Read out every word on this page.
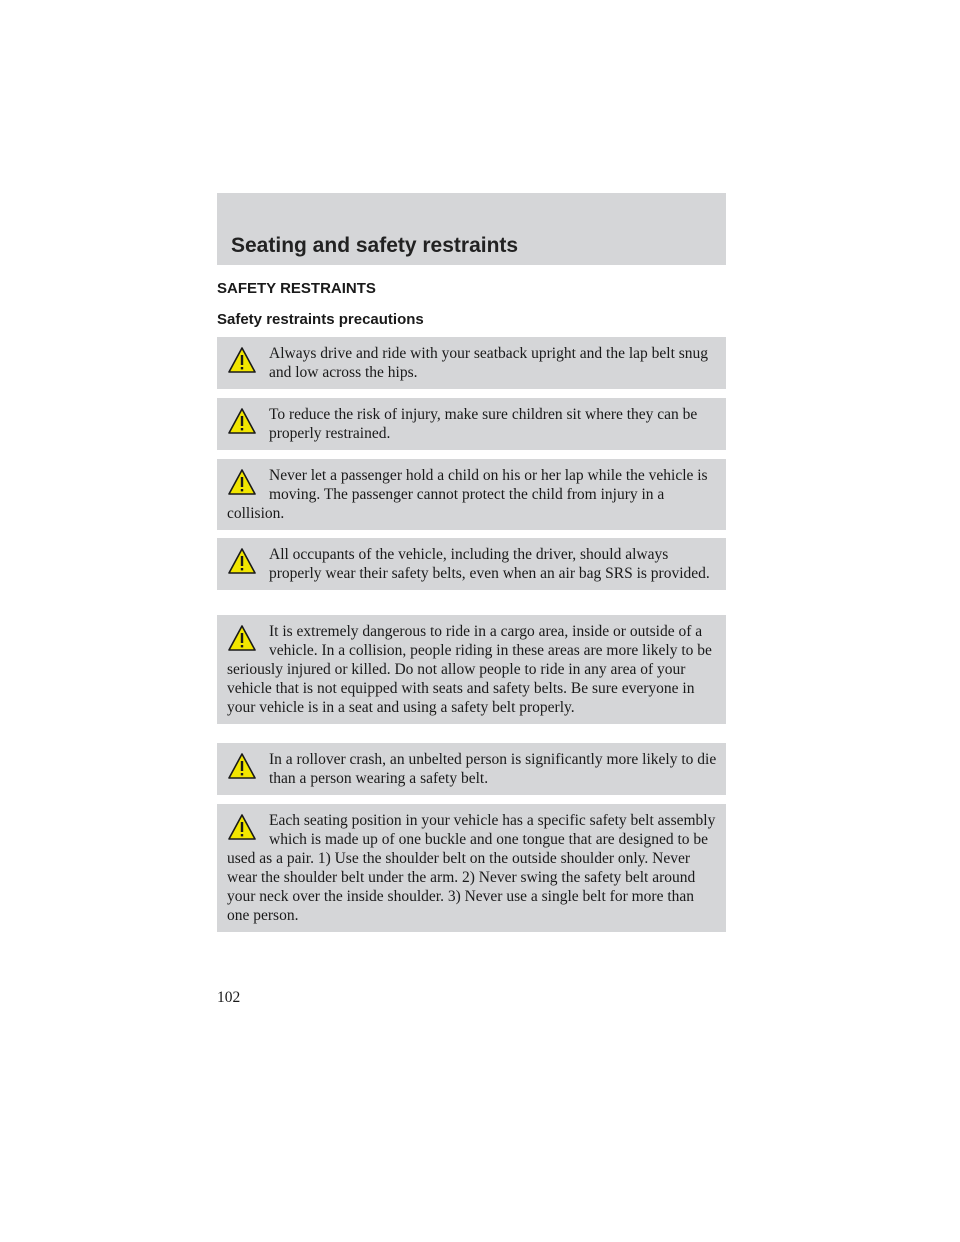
Seating and safety restraints
SAFETY RESTRAINTS
Safety restraints precautions
Always drive and ride with your seatback upright and the lap belt snug and low across the hips.
To reduce the risk of injury, make sure children sit where they can be properly restrained.
Never let a passenger hold a child on his or her lap while the vehicle is moving. The passenger cannot protect the child from injury in a collision.
All occupants of the vehicle, including the driver, should always properly wear their safety belts, even when an air bag SRS is provided.
It is extremely dangerous to ride in a cargo area, inside or outside of a vehicle. In a collision, people riding in these areas are more likely to be seriously injured or killed. Do not allow people to ride in any area of your vehicle that is not equipped with seats and safety belts. Be sure everyone in your vehicle is in a seat and using a safety belt properly.
In a rollover crash, an unbelted person is significantly more likely to die than a person wearing a safety belt.
Each seating position in your vehicle has a specific safety belt assembly which is made up of one buckle and one tongue that are designed to be used as a pair. 1) Use the shoulder belt on the outside shoulder only. Never wear the shoulder belt under the arm. 2) Never swing the safety belt around your neck over the inside shoulder. 3) Never use a single belt for more than one person.

102
